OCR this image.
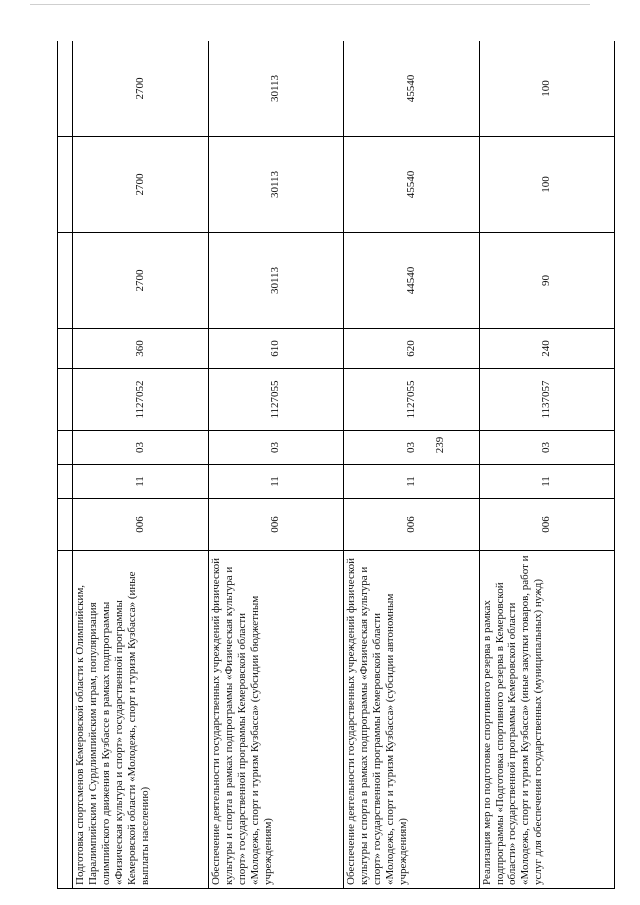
239

Подготовка спортсменов Кемеровской области к Олимпийским, Паралимпийским и Сурдлимпийским играм, популяризация олимпийского движения в Кузбассе в рамках подпрограммы «Физическая культура и спорт» государственной программы Кемеровской области «Молодежь, спорт и туризм Кузбасса» (иные выплаты населению)	006	11	03	1127052	360	2700	2700	2700
Обеспечение деятельности государственных учреждений физической культуры и спорта в рамках подпрограммы «Физическая культура и спорт» государственной программы Кемеровской области «Молодежь, спорт и туризм Кузбасса» (субсидии бюджетным учреждениям)	006	11	03	1127055	610	30113	30113	30113
Обеспечение деятельности государственных учреждений физической культуры и спорта в рамках подпрограммы «Физическая культура и спорт» государственной программы Кемеровской области «Молодежь, спорт и туризм Кузбасса» (субсидии автономным учреждениям)	006	11	03	1127055	620	44540	45540	45540
Реализация мер по подготовке спортивного резерва в рамках подпрограммы «Подготовка спортивного резерва в Кемеровской области» государственной программы Кемеровской области «Молодежь, спорт и туризм Кузбасса» (иные закупки товаров, работ и услуг для обеспечения государственных (муниципальных) нужд)	006	11	03	1137057	240	90	100	100
